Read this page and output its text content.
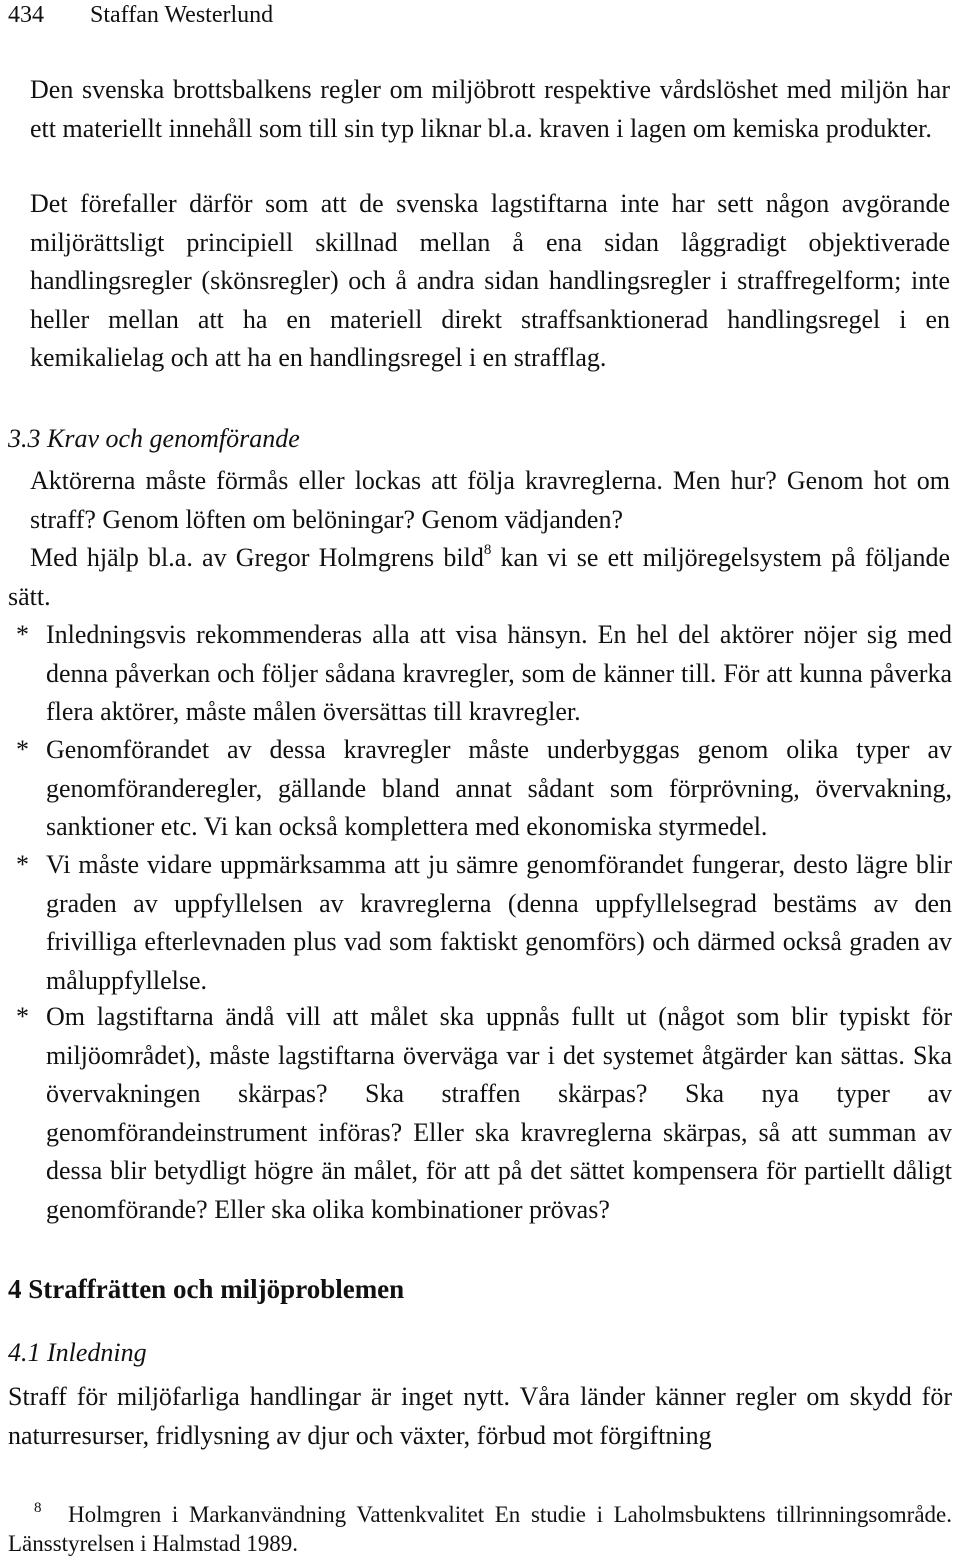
434 Staffan Westerlund
Den svenska brottsbalkens regler om miljöbrott respektive vårdslöshet med miljön har ett materiellt innehåll som till sin typ liknar bl.a. kraven i lagen om kemiska produkter.
Det förefaller därför som att de svenska lagstiftarna inte har sett någon avgörande miljörättsligt principiell skillnad mellan å ena sidan låggradigt objektiverade handlingsregler (skönsregler) och å andra sidan handlingsregler i straffregelform; inte heller mellan att ha en materiell direkt straffsanktionerad handlingsregel i en kemikalielag och att ha en handlingsregel i en strafflag.
3.3 Krav och genomförande
Aktörerna måste förmås eller lockas att följa kravreglerna. Men hur? Genom hot om straff? Genom löften om belöningar? Genom vädjanden?
Med hjälp bl.a. av Gregor Holmgrens bild$^8$ kan vi se ett miljöregelsystem på följande sätt.
* Inledningsvis rekommenderas alla att visa hänsyn. En hel del aktörer nöjer sig med denna påverkan och följer sådana kravregler, som de känner till. För att kunna påverka flera aktörer, måste målen översättas till kravregler.
* Genomförandet av dessa kravregler måste underbyggas genom olika typer av genomföranderegler, gällande bland annat sådant som förprövning, övervakning, sanktioner etc. Vi kan också komplettera med ekonomiska styrmedel.
* Vi måste vidare uppmärksamma att ju sämre genomförandet fungerar, desto lägre blir graden av uppfyllelsen av kravreglerna (denna uppfyllelsegrad bestäms av den frivilliga efterlevnaden plus vad som faktiskt genomförs) och därmed också graden av måluppfyllelse.
* Om lagstiftarna ändå vill att målet ska uppnås fullt ut (något som blir typiskt för miljöområdet), måste lagstiftarna överväga var i det systemet åtgärder kan sättas. Ska övervakningen skärpas? Ska straffen skärpas? Ska nya typer av genomförandeinstrument införas? Eller ska kravreglerna skärpas, så att summan av dessa blir betydligt högre än målet, för att på det sättet kompensera för partiellt dåligt genomförande? Eller ska olika kombinationer prövas?
4 Straffrätten och miljöproblemen
4.1 Inledning
Straff för miljöfarliga handlingar är inget nytt. Våra länder känner regler om skydd för naturresurser, fridlysning av djur och växter, förbud mot förgiftning
8 Holmgren i Markanvändning Vattenkvalitet En studie i Laholmsbuktens tillrinningsområde. Länsstyrelsen i Halmstad 1989.
